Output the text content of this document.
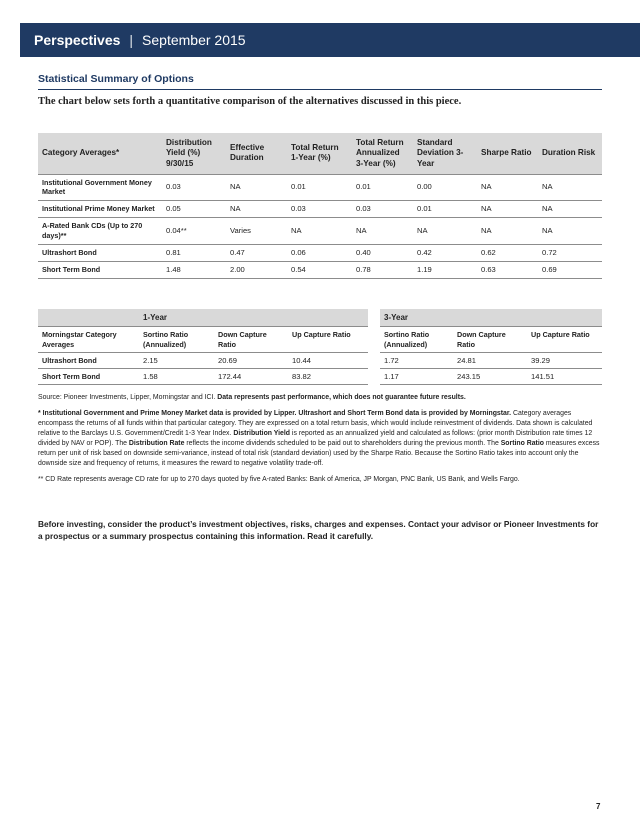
Perspectives | September 2015
Statistical Summary of Options
The chart below sets forth a quantitative comparison of the alternatives discussed in this piece.
Category Averages*	Distribution Yield (%) 9/30/15	Effective Duration	Total Return 1-Year (%)	Total Return Annualized 3-Year (%)	Standard Deviation 3-Year	Sharpe Ratio	Duration Risk
Institutional Government Money Market	0.03	NA	0.01	0.01	0.00	NA	NA
Institutional Prime Money Market	0.05	NA	0.03	0.03	0.01	NA	NA
A-Rated Bank CDs (Up to 270 days)**	0.04**	Varies	NA	NA	NA	NA	NA
Ultrashort Bond	0.81	0.47	0.06	0.40	0.42	0.62	0.72
Short Term Bond	1.48	2.00	0.54	0.78	1.19	0.63	0.69
	1-Year		
Morningstar Category Averages	Sortino Ratio (Annualized)	Down Capture Ratio	Up Capture Ratio
Ultrashort Bond	2.15	20.69	10.44
Short Term Bond	1.58	172.44	83.82
3-Year		
Sortino Ratio (Annualized)	Down Capture Ratio	Up Capture Ratio
1.72	24.81	39.29
1.17	243.15	141.51

Source: Pioneer Investments, Lipper, Morningstar and ICI. Data represents past performance, which does not guarantee future results.

* Institutional Government and Prime Money Market data is provided by Lipper. Ultrashort and Short Term Bond data is provided by Morningstar. Category averages encompass the returns of all funds within that particular category. They are expressed on a total return basis, which would include reinvestment of dividends. Data shown is calculated relative to the Barclays U.S. Government/Credit 1-3 Year Index. Distribution Yield is reported as an annualized yield and calculated as follows: (prior month Distribution rate times 12 divided by NAV or POP). The Distribution Rate reflects the income dividends scheduled to be paid out to shareholders during the previous month. The Sortino Ratio measures excess return per unit of risk based on downside semi-variance, instead of total risk (standard deviation) used by the Sharpe Ratio. Because the Sortino Ratio takes into account only the downside size and frequency of returns, it measures the reward to negative volatility trade-off.

** CD Rate represents average CD rate for up to 270 days quoted by five A-rated Banks: Bank of America, JP Morgan, PNC Bank, US Bank, and Wells Fargo.

Before investing, consider the product’s investment objectives, risks, charges and expenses. Contact your advisor or Pioneer Investments for a prospectus or a summary prospectus containing this information. Read it carefully.
7
